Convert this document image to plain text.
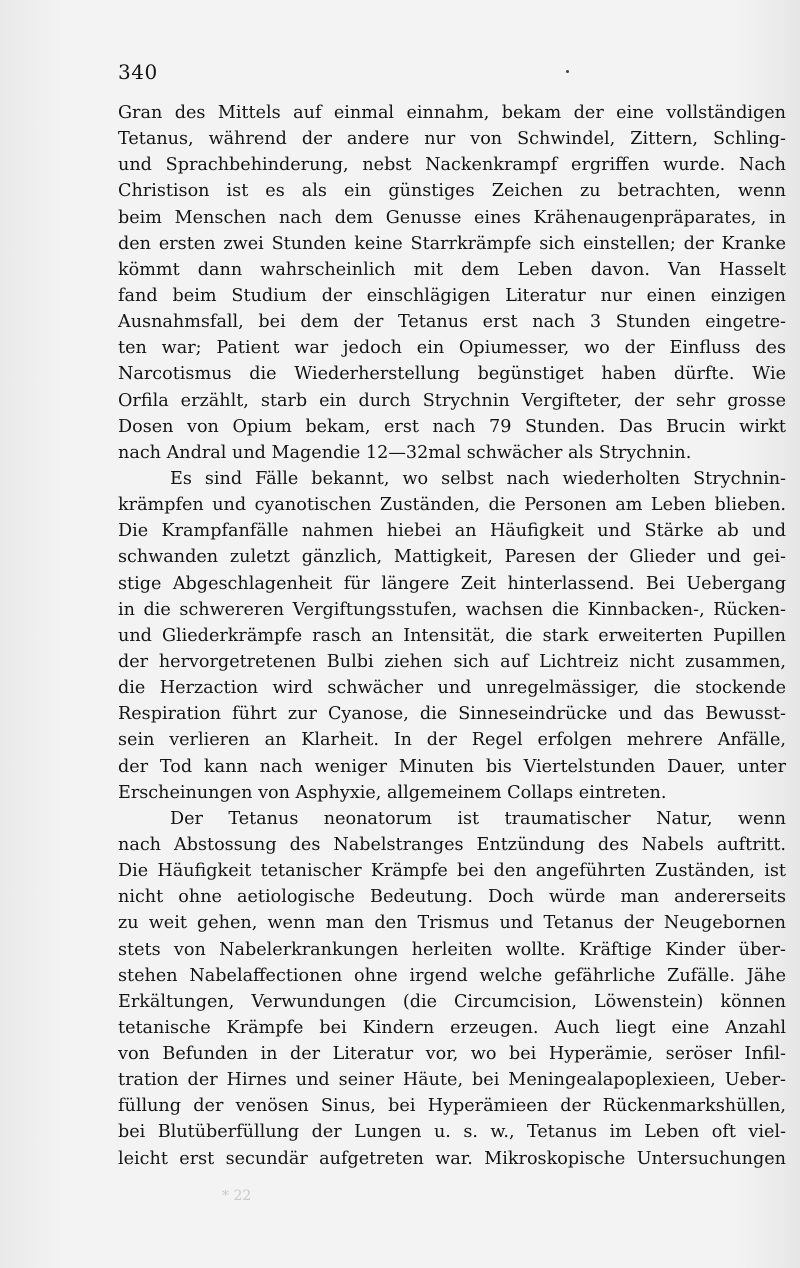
340
Gran des Mittels auf einmal einnahm, bekam der eine vollständigen
Tetanus, während der andere nur von Schwindel, Zittern, Schling-
und Sprachbehinderung, nebst Nackenkrampf ergriffen wurde. Nach
Christison ist es als ein günstiges Zeichen zu betrachten, wenn
beim Menschen nach dem Genusse eines Krähenaugenpräparates, in
den ersten zwei Stunden keine Starrkrämpfe sich einstellen; der Kranke
kömmt dann wahrscheinlich mit dem Leben davon. Van Hasselt
fand beim Studium der einschlägigen Literatur nur einen einzigen
Ausnahmsfall, bei dem der Tetanus erst nach 3 Stunden eingetre-
ten war; Patient war jedoch ein Opiumesser, wo der Einfluss des
Narcotismus die Wiederherstellung begünstiget haben dürfte. Wie
Orfila erzählt, starb ein durch Strychnin Vergifteter, der sehr grosse
Dosen von Opium bekam, erst nach 79 Stunden. Das Brucin wirkt
nach Andral und Magendie 12—32mal schwächer als Strychnin.
Es sind Fälle bekannt, wo selbst nach wiederholten Strychnin-
krämpfen und cyanotischen Zuständen, die Personen am Leben blieben.
Die Krampfanfälle nahmen hiebei an Häufigkeit und Stärke ab und
schwanden zuletzt gänzlich, Mattigkeit, Paresen der Glieder und gei-
stige Abgeschlagenheit für längere Zeit hinterlassend. Bei Uebergang
in die schwereren Vergiftungsstufen, wachsen die Kinnbacken-, Rücken-
und Gliederkrämpfe rasch an Intensität, die stark erweiterten Pupillen
der hervorgetretenen Bulbi ziehen sich auf Lichtreiz nicht zusammen,
die Herzaction wird schwächer und unregelmässiger, die stockende
Respiration führt zur Cyanose, die Sinneseindrücke und das Bewusst-
sein verlieren an Klarheit. In der Regel erfolgen mehrere Anfälle,
der Tod kann nach weniger Minuten bis Viertelstunden Dauer, unter
Erscheinungen von Asphyxie, allgemeinem Collaps eintreten.
Der Tetanus neonatorum ist traumatischer Natur, wenn
nach Abstossung des Nabelstranges Entzündung des Nabels auftritt.
Die Häufigkeit tetanischer Krämpfe bei den angeführten Zuständen, ist
nicht ohne aetiologische Bedeutung. Doch würde man andererseits
zu weit gehen, wenn man den Trismus und Tetanus der Neugebornen
stets von Nabelerkrankungen herleiten wollte. Kräftige Kinder über-
stehen Nabelaffectionen ohne irgend welche gefährliche Zufälle. Jähe
Erkältungen, Verwundungen (die Circumcision, Löwenstein) können
tetanische Krämpfe bei Kindern erzeugen. Auch liegt eine Anzahl
von Befunden in der Literatur vor, wo bei Hyperämie, seröser Infil-
tration der Hirnes und seiner Häute, bei Meningealapoplexieen, Ueber-
füllung der venösen Sinus, bei Hyperämieen der Rückenmarkshüllen,
bei Blutüberfüllung der Lungen u. s. w., Tetanus im Leben oft viel-
leicht erst secundär aufgetreten war. Mikroskopische Untersuchungen
* 22
